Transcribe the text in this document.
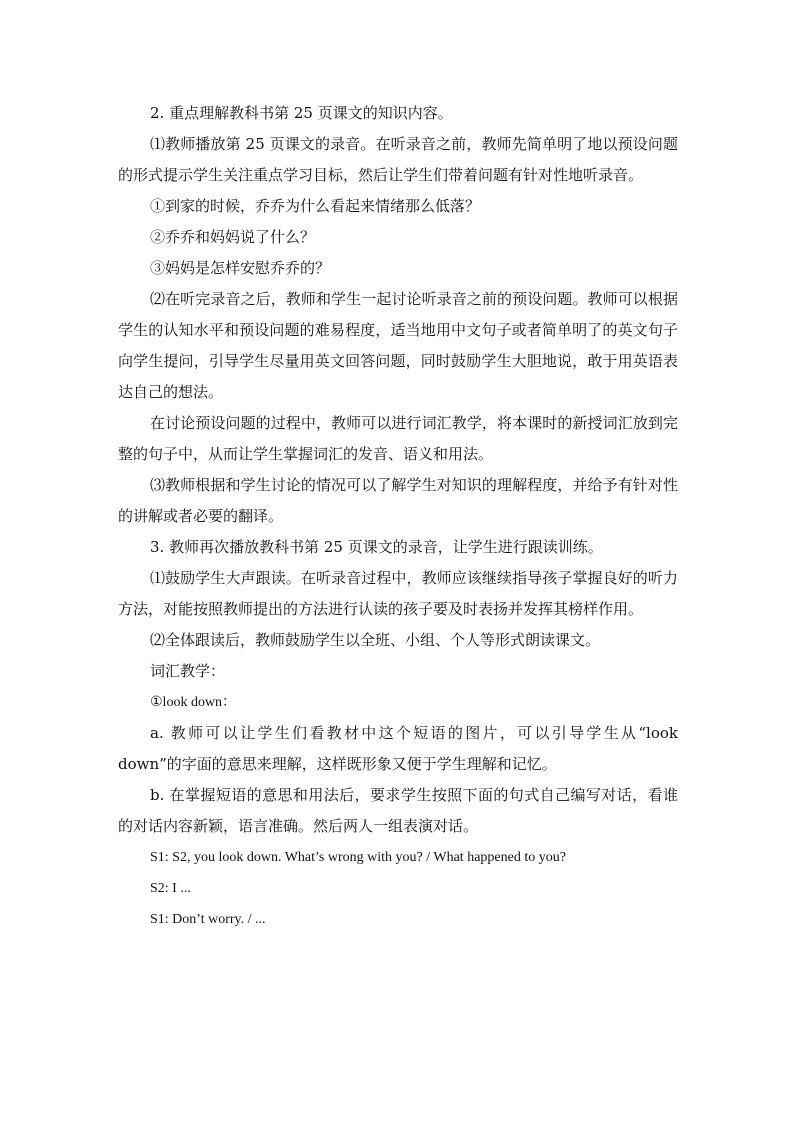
2. 重点理解教科书第 25 页课文的知识内容。

⑴教师播放第 25 页课文的录音。在听录音之前，教师先简单明了地以预设问题的形式提示学生关注重点学习目标，然后让学生们带着问题有针对性地听录音。

①到家的时候，乔乔为什么看起来情绪那么低落？

②乔乔和妈妈说了什么？

③妈妈是怎样安慰乔乔的？

⑵在听完录音之后，教师和学生一起讨论听录音之前的预设问题。教师可以根据学生的认知水平和预设问题的难易程度，适当地用中文句子或者简单明了的英文句子向学生提问，引导学生尽量用英文回答问题，同时鼓励学生大胆地说，敢于用英语表达自己的想法。

在讨论预设问题的过程中，教师可以进行词汇教学，将本课时的新授词汇放到完整的句子中，从而让学生掌握词汇的发音、语义和用法。

⑶教师根据和学生讨论的情况可以了解学生对知识的理解程度，并给予有针对性的讲解或者必要的翻译。

3. 教师再次播放教科书第 25 页课文的录音，让学生进行跟读训练。

⑴鼓励学生大声跟读。在听录音过程中，教师应该继续指导孩子掌握良好的听力方法，对能按照教师提出的方法进行认读的孩子要及时表扬并发挥其榜样作用。

⑵全体跟读后，教师鼓励学生以全班、小组、个人等形式朗读课文。

词汇教学：

①look down：

a. 教师可以让学生们看教材中这个短语的图片，可以引导学生从“look down”的字面的意思来理解，这样既形象又便于学生理解和记忆。

b. 在掌握短语的意思和用法后，要求学生按照下面的句式自己编写对话，看谁的对话内容新颖，语言准确。然后两人一组表演对话。

S1: S2, you look down. What’s wrong with you? / What happened to you?

S2: I ...

S1: Don’t worry. / ...
